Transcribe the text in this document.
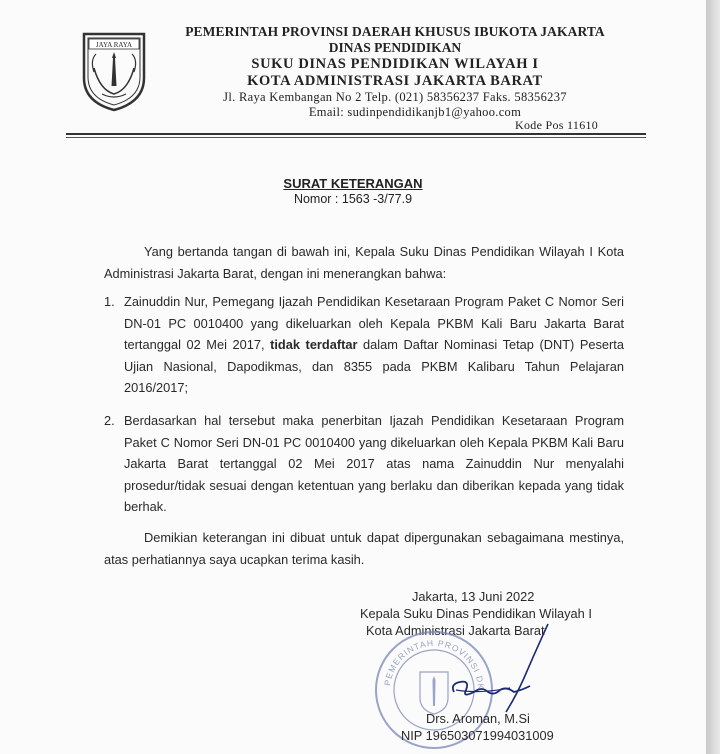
JAYA RAYA
PEMERINTAH PROVINSI DAERAH KHUSUS IBUKOTA JAKARTA
DINAS PENDIDIKAN
SUKU DINAS PENDIDIKAN WILAYAH I
KOTA ADMINISTRASI JAKARTA BARAT
Jl. Raya Kembangan No 2 Telp. (021) 58356237 Faks. 58356237
Email: sudinpendidikanjb1@yahoo.com
Kode Pos 11610
SURAT KETERANGAN
Nomor : 1563 -3/77.9
Yang bertanda tangan di bawah ini, Kepala Suku Dinas Pendidikan Wilayah I Kota Administrasi Jakarta Barat, dengan ini menerangkan bahwa:
1. Zainuddin Nur, Pemegang Ijazah Pendidikan Kesetaraan Program Paket C Nomor Seri DN-01 PC 0010400 yang dikeluarkan oleh Kepala PKBM Kali Baru Jakarta Barat tertanggal 02 Mei 2017, tidak terdaftar dalam Daftar Nominasi Tetap (DNT) Peserta Ujian Nasional, Dapodikmas, dan 8355 pada PKBM Kalibaru Tahun Pelajaran 2016/2017;
2. Berdasarkan hal tersebut maka penerbitan Ijazah Pendidikan Kesetaraan Program Paket C Nomor Seri DN-01 PC 0010400 yang dikeluarkan oleh Kepala PKBM Kali Baru Jakarta Barat tertanggal 02 Mei 2017 atas nama Zainuddin Nur menyalahi prosedur/tidak sesuai dengan ketentuan yang berlaku dan diberikan kepada yang tidak berhak.
Demikian keterangan ini dibuat untuk dapat dipergunakan sebagaimana mestinya, atas perhatiannya saya ucapkan terima kasih.
Jakarta, 13 Juni 2022
Kepala Suku Dinas Pendidikan Wilayah I
Kota Administrasi Jakarta Barat
PEMERINTAH PROVINSI DK
Drs. Aroman, M.Si
NIP 196503071994031009
